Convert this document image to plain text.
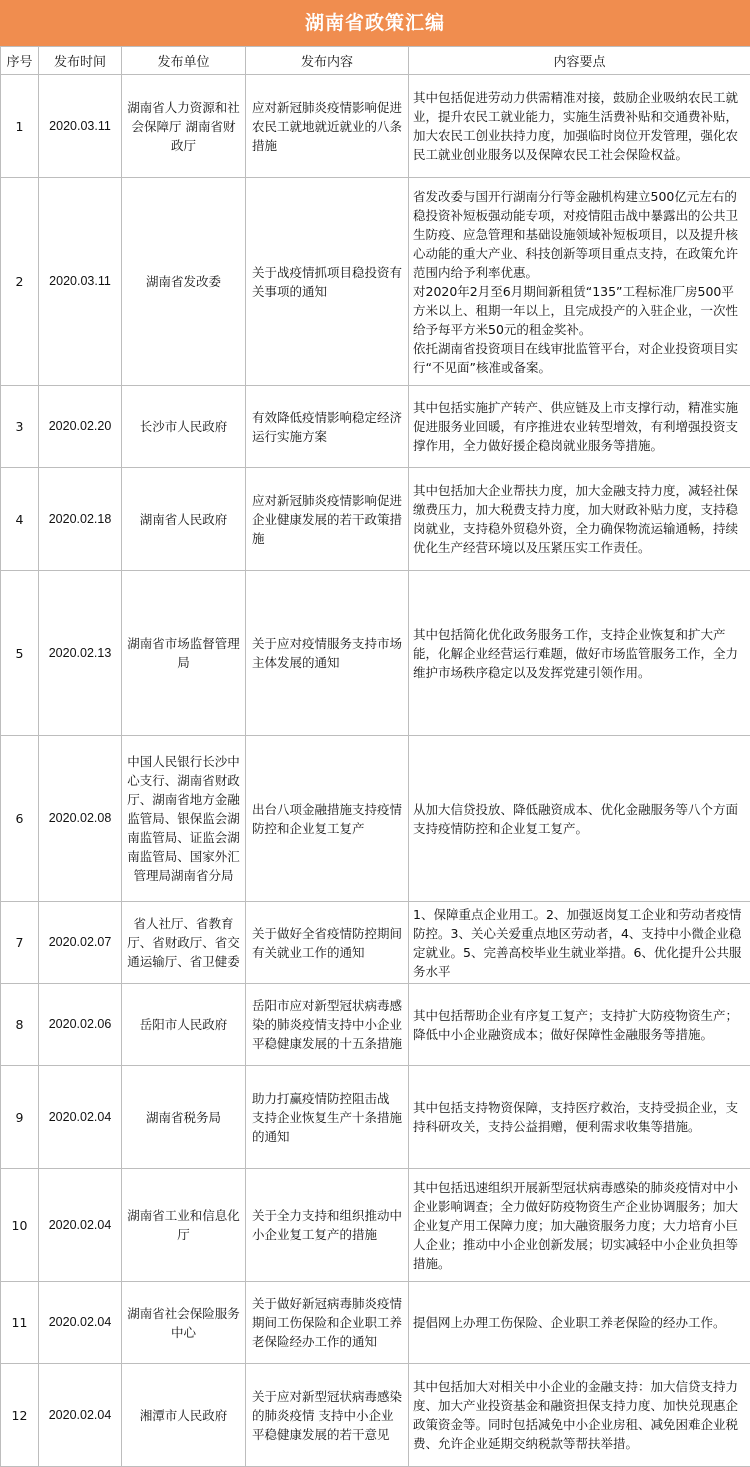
湖南省政策汇编
序号	发布时间	发布单位	发布内容	内容要点
1	2020.03.11	湖南省人力资源和社会保障厅 湖南省财政厅	应对新冠肺炎疫情影响促进农民工就地就近就业的八条措施	其中包括促进劳动力供需精准对接，鼓励企业吸纳农民工就业，提升农民工就业能力，实施生活费补贴和交通费补贴，加大农民工创业扶持力度，加强临时岗位开发管理，强化农民工就业创业服务以及保障农民工社会保险权益。
2	2020.03.11	湖南省发改委	关于战疫情抓项目稳投资有关事项的通知	省发改委与国开行湖南分行等金融机构建立500亿元左右的稳投资补短板强动能专项，对疫情阻击战中暴露出的公共卫生防疫、应急管理和基础设施领域补短板项目，以及提升核心动能的重大产业、科技创新等项目重点支持，在政策允许范围内给予利率优惠。
对2020年2月至6月期间新租赁“135”工程标准厂房500平方米以上、租期一年以上，且完成投产的入驻企业，一次性给予每平方米50元的租金奖补。
依托湖南省投资项目在线审批监管平台，对企业投资项目实行“不见面”核准或备案。
3	2020.02.20	长沙市人民政府	有效降低疫情影响稳定经济运行实施方案	其中包括实施扩产转产、供应链及上市支撑行动，精准实施促进服务业回暖，有序推进农业转型增效，有利增强投资支撑作用，全力做好援企稳岗就业服务等措施。
4	2020.02.18	湖南省人民政府	应对新冠肺炎疫情影响促进企业健康发展的若干政策措施	其中包括加大企业帮扶力度，加大金融支持力度，减轻社保缴费压力，加大税费支持力度，加大财政补贴力度，支持稳岗就业，支持稳外贸稳外资，全力确保物流运输通畅，持续优化生产经营环境以及压紧压实工作责任。
5	2020.02.13	湖南省市场监督管理局	关于应对疫情服务支持市场主体发展的通知	其中包括简化优化政务服务工作，支持企业恢复和扩大产能，化解企业经营运行难题，做好市场监管服务工作，全力维护市场秩序稳定以及发挥党建引领作用。
6	2020.02.08	中国人民银行长沙中心支行、湖南省财政厅、湖南省地方金融监管局、银保监会湖南监管局、证监会湖南监管局、国家外汇管理局湖南省分局	出台八项金融措施支持疫情防控和企业复工复产	从加大信贷投放、降低融资成本、优化金融服务等八个方面支持疫情防控和企业复工复产。
7	2020.02.07	省人社厅、省教育厅、省财政厅、省交通运输厅、省卫健委	关于做好全省疫情防控期间有关就业工作的通知	1、保障重点企业用工。2、加强返岗复工企业和劳动者疫情防控。3、关心关爱重点地区劳动者，4、支持中小微企业稳定就业。5、完善高校毕业生就业举措。6、优化提升公共服务水平
8	2020.02.06	岳阳市人民政府	岳阳市应对新型冠状病毒感染的肺炎疫情支持中小企业平稳健康发展的十五条措施	其中包括帮助企业有序复工复产；支持扩大防疫物资生产；降低中小企业融资成本；做好保障性金融服务等措施。
9	2020.02.04	湖南省税务局	助力打赢疫情防控阻击战 支持企业恢复生产十条措施的通知	其中包括支持物资保障，支持医疗救治，支持受损企业，支持科研攻关，支持公益捐赠，便利需求收集等措施。
10	2020.02.04	湖南省工业和信息化厅	关于全力支持和组织推动中小企业复工复产的措施	其中包括迅速组织开展新型冠状病毒感染的肺炎疫情对中小企业影响调查；全力做好防疫物资生产企业协调服务；加大企业复产用工保障力度；加大融资服务力度；大力培育小巨人企业；推动中小企业创新发展；切实减轻中小企业负担等措施。
11	2020.02.04	湖南省社会保险服务中心	关于做好新冠病毒肺炎疫情期间工伤保险和企业职工养老保险经办工作的通知	提倡网上办理工伤保险、企业职工养老保险的经办工作。
12	2020.02.04	湘潭市人民政府	关于应对新型冠状病毒感染的肺炎疫情 支持中小企业平稳健康发展的若干意见	其中包括加大对相关中小企业的金融支持：加大信贷支持力度、加大产业投资基金和融资担保支持力度、加快兑现惠企政策资金等。同时包括减免中小企业房租、减免困难企业税费、允许企业延期交纳税款等帮扶举措。
